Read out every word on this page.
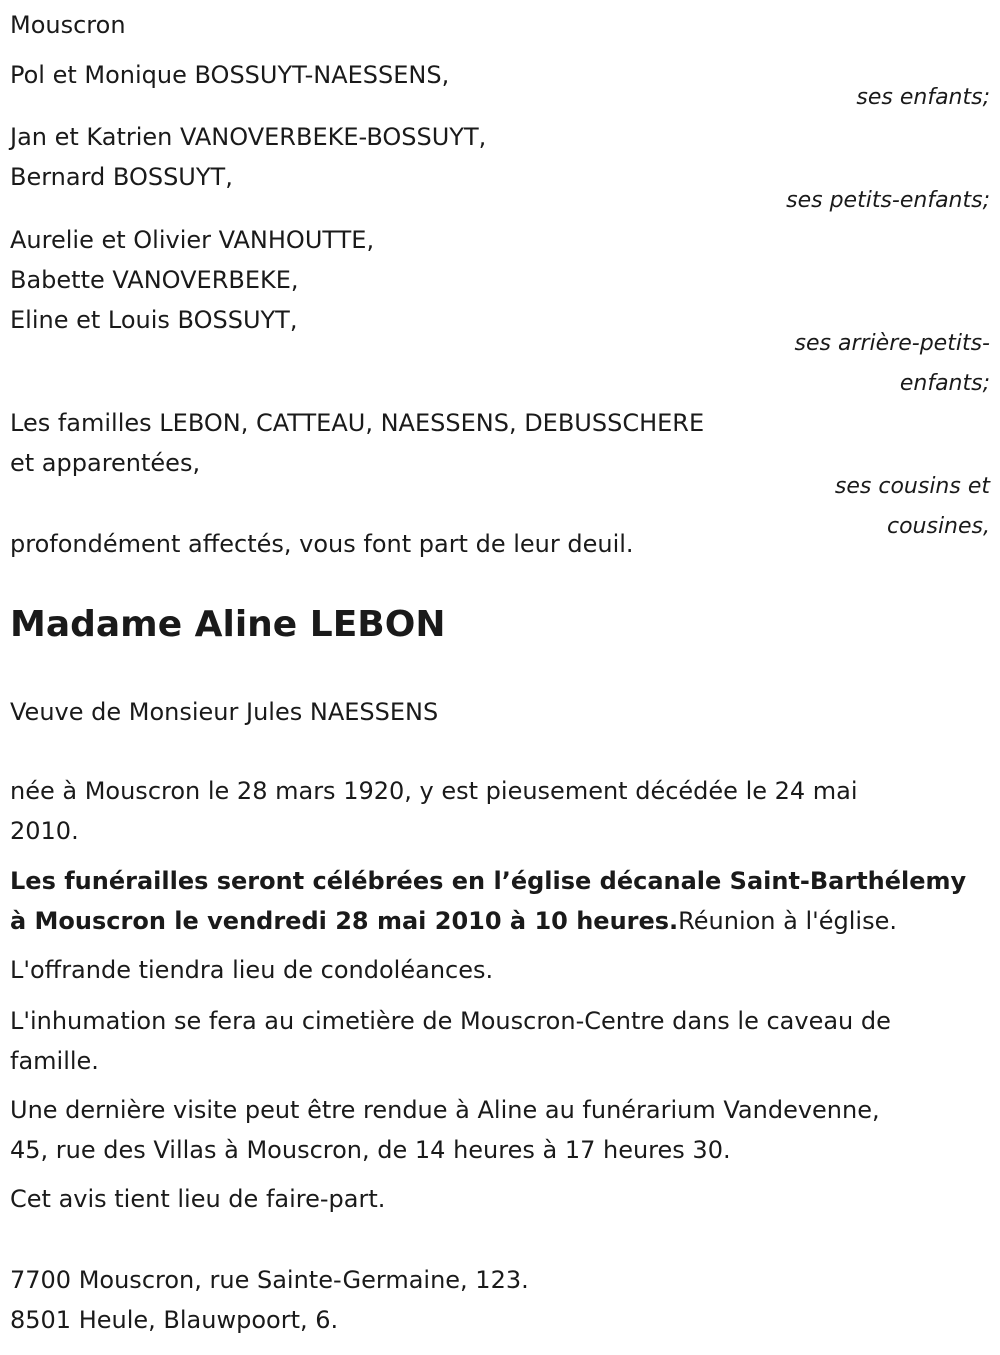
Mouscron
Pol et Monique BOSSUYT-NAESSENS,
ses enfants;
Jan et Katrien VANOVERBEKE-BOSSUYT,
Bernard BOSSUYT,
ses petits-enfants;
Aurelie et Olivier VANHOUTTE,
Babette VANOVERBEKE,
Eline et Louis BOSSUYT,
ses arrière-petits-
enfants;
Les familles LEBON, CATTEAU, NAESSENS, DEBUSSCHERE
et apparentées,
ses cousins et
cousines,
profondément affectés, vous font part de leur deuil.
Madame Aline LEBON
Veuve de Monsieur Jules NAESSENS
née à Mouscron le 28 mars 1920, y est pieusement décédée le 24 mai
2010.
Les funérailles seront célébrées en l’église décanale Saint-Barthélemy
à Mouscron le vendredi 28 mai 2010 à 10 heures.Réunion à l'église.
L'offrande tiendra lieu de condoléances.
L'inhumation se fera au cimetière de Mouscron-Centre dans le caveau de
famille.
Une dernière visite peut être rendue à Aline au funérarium Vandevenne,
45, rue des Villas à Mouscron, de 14 heures à 17 heures 30.
Cet avis tient lieu de faire-part.
7700 Mouscron, rue Sainte-Germaine, 123.
8501 Heule, Blauwpoort, 6.
